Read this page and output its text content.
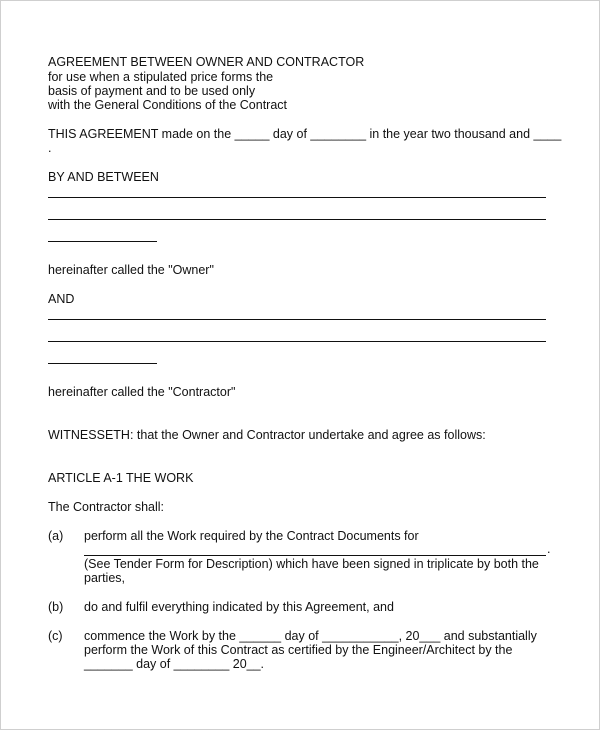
AGREEMENT BETWEEN OWNER AND CONTRACTOR
for use when a stipulated price forms the
basis of payment and to be used only
with the General Conditions of the Contract
THIS AGREEMENT made on the _____ day of ________ in the year two thousand and ____
.
BY AND BETWEEN
hereinafter called the "Owner"
AND
hereinafter called the "Contractor"
WITNESSETH: that the Owner and Contractor undertake and agree as follows:
ARTICLE A-1 THE WORK
The Contractor shall:
(a) perform all the Work required by the Contract Documents for
.
(See Tender Form for Description) which have been signed in triplicate by both the
parties,
(b) do and fulfil everything indicated by this Agreement, and
(c) commence the Work by the ______ day of ___________, 20___ and substantially
perform the Work of this Contract as certified by the Engineer/Architect by the
_______ day of ________ 20__.
